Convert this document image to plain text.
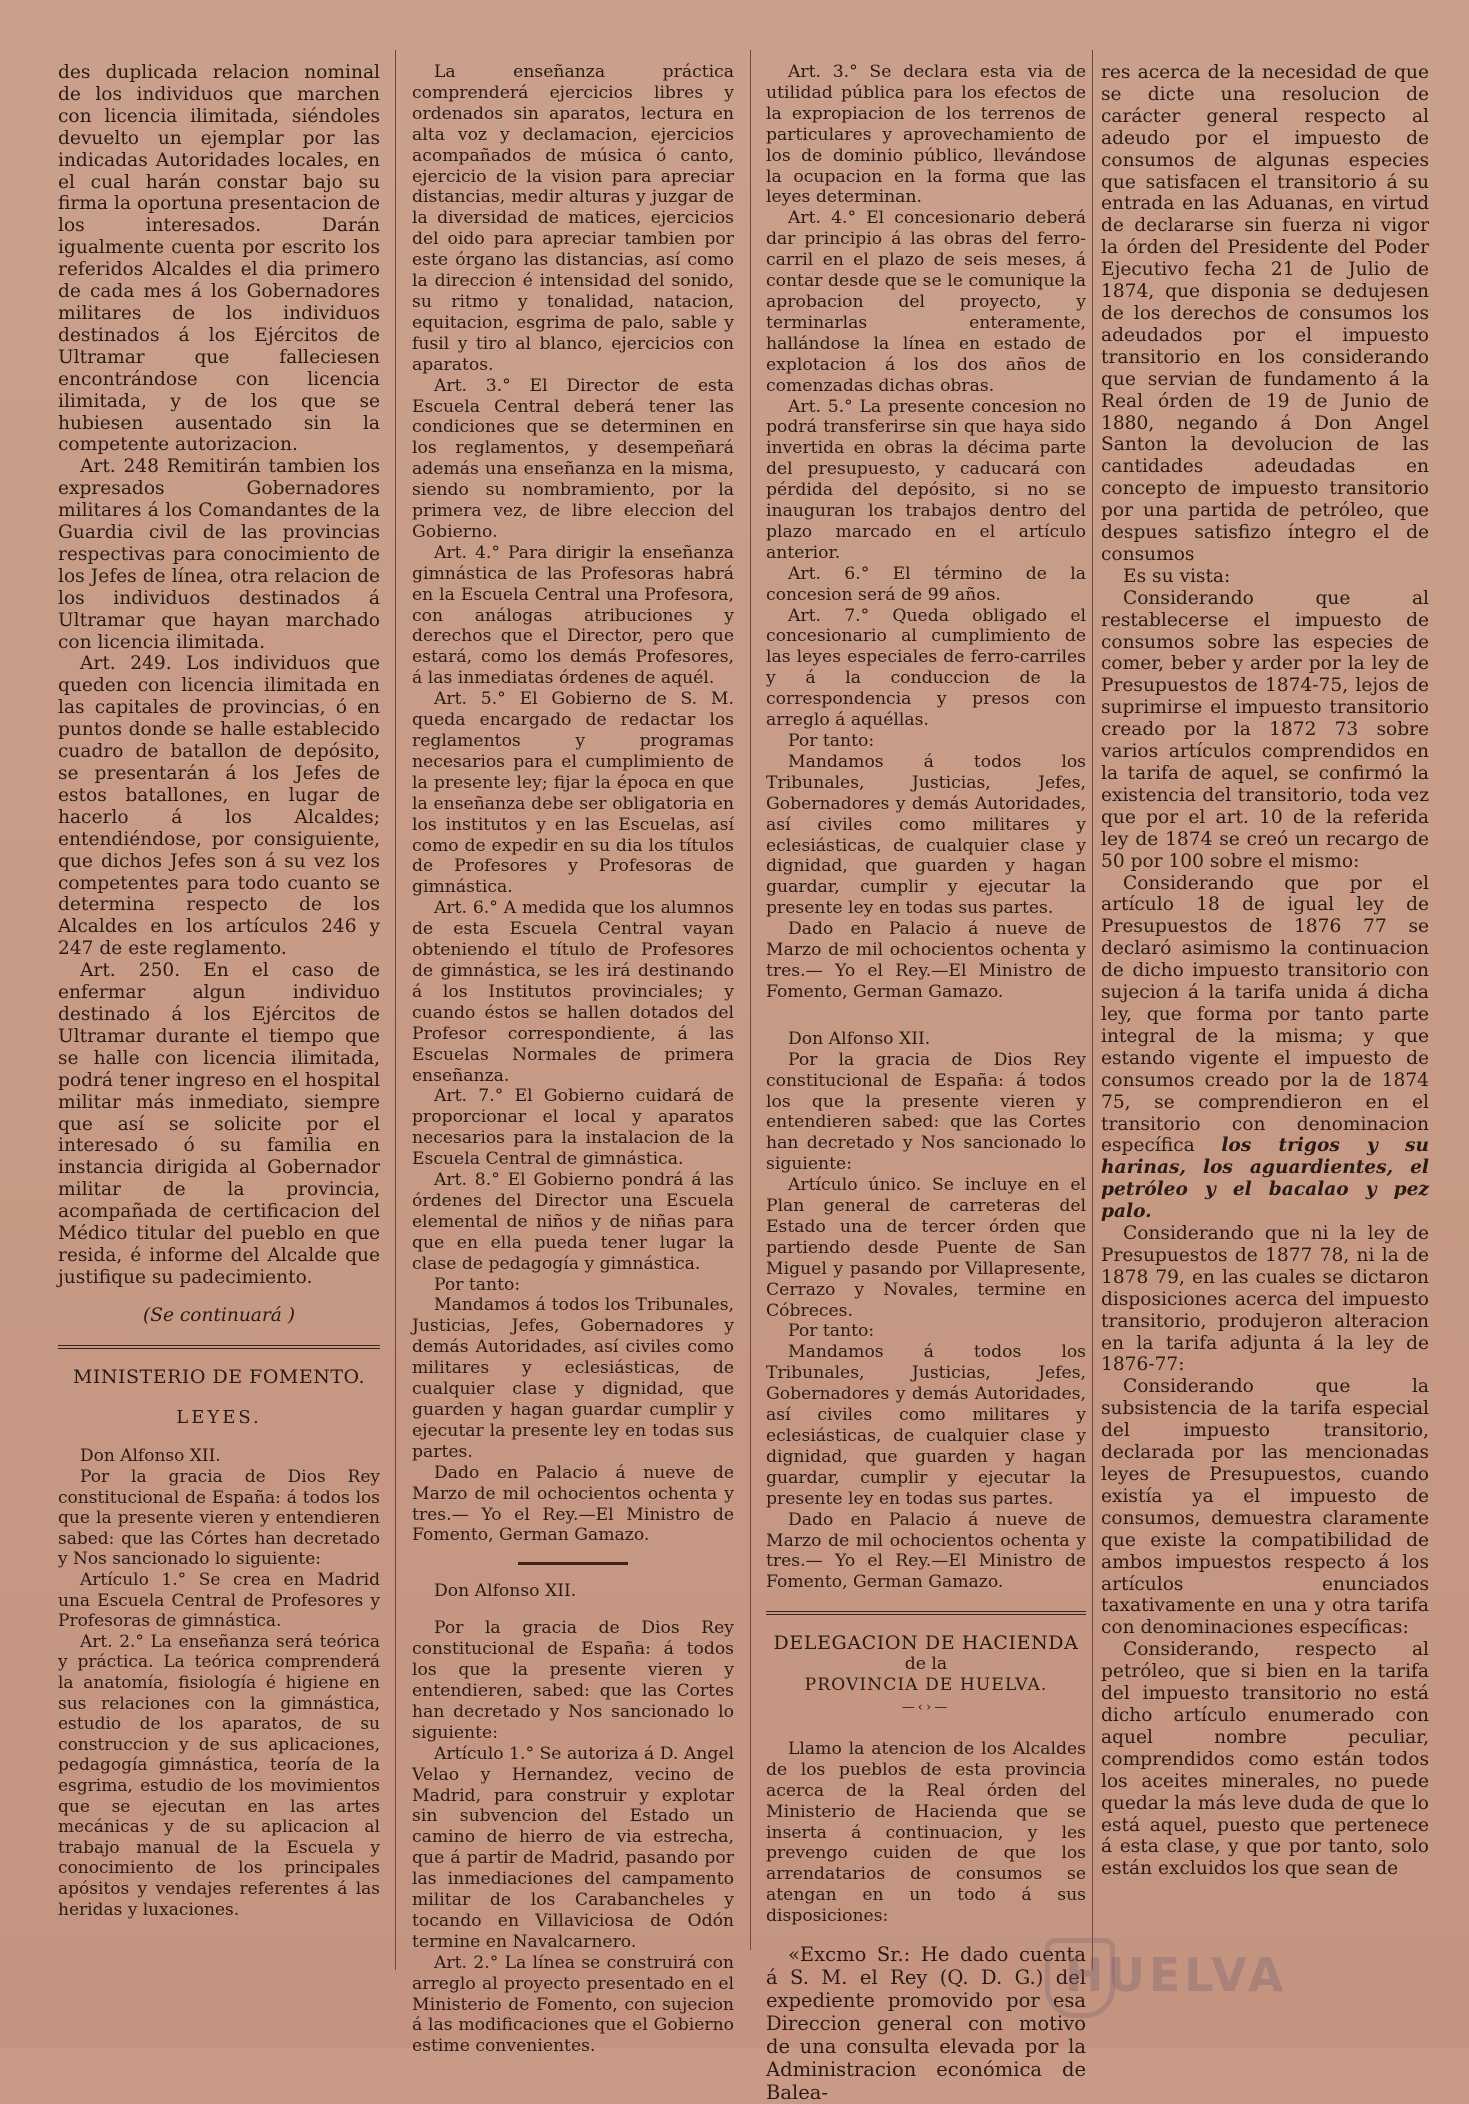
des duplicada relacion nominal de los individuos que marchen con licencia ilimitada, siéndoles devuelto un ejemplar por las indicadas Autoridades locales, en el cual harán constar bajo su firma la oportuna presentacion de los interesados. Darán igualmente cuenta por escrito los referidos Alcaldes el dia primero de cada mes á los Gobernadores militares de los individuos destinados á los Ejércitos de Ultramar que falleciesen encontrándose con licencia ilimitada, y de los que se hubiesen ausentado sin la competente autorizacion.

Art. 248 Remitirán tambien los expresados Gobernadores militares á los Comandantes de la Guardia civil de las provincias respectivas para conocimiento de los Jefes de línea, otra relacion de los individuos destinados á Ultramar que hayan marchado con licencia ilimitada.

Art. 249. Los individuos que queden con licencia ilimitada en las capitales de provincias, ó en puntos donde se halle establecido cuadro de batallon de depósito, se presentarán á los Jefes de estos batallones, en lugar de hacerlo á los Alcaldes; entendiéndose, por consiguiente, que dichos Jefes son á su vez los competentes para todo cuanto se determina respecto de los Alcaldes en los artículos 246 y 247 de este reglamento.

Art. 250. En el caso de enfermar algun individuo destinado á los Ejércitos de Ultramar durante el tiempo que se halle con licencia ilimitada, podrá tener ingreso en el hospital militar más inmediato, siempre que así se solicite por el interesado ó su familia en instancia dirigida al Gobernador militar de la provincia, acompañada de certificacion del Médico titular del pueblo en que resida, é informe del Alcalde que justifique su padecimiento.

(Se continuará )

MINISTERIO DE FOMENTO.

LEYES.

Don Alfonso XII.

Por la gracia de Dios Rey constitucional de España: á todos los que la presente vieren y entendieren sabed: que las Córtes han decretado y Nos sancionado lo siguiente:

Artículo 1.° Se crea en Madrid una Escuela Central de Profesores y Profesoras de gimnástica.

Art. 2.° La enseñanza será teórica y práctica. La teórica comprenderá la anatomía, fisiología é higiene en sus relaciones con la gimnástica, estudio de los aparatos, de su construccion y de sus aplicaciones, pedagogía gimnástica, teoría de la esgrima, estudio de los movimientos que se ejecutan en las artes mecánicas y de su aplicacion al trabajo manual de la Escuela y conocimiento de los principales apósitos y vendajes referentes á las heridas y luxaciones.

La enseñanza práctica comprenderá ejercicios libres y ordenados sin aparatos, lectura en alta voz y declamacion, ejercicios acompañados de música ó canto, ejercicio de la vision para apreciar distancias, medir alturas y juzgar de la diversidad de matices, ejercicios del oido para apreciar tambien por este órgano las distancias, así como la direccion é intensidad del sonido, su ritmo y tonalidad, natacion, equitacion, esgrima de palo, sable y fusil y tiro al blanco, ejercicios con aparatos.

Art. 3.° El Director de esta Escuela Central deberá tener las condiciones que se determinen en los reglamentos, y desempeñará además una enseñanza en la misma, siendo su nombramiento, por la primera vez, de libre eleccion del Gobierno.

Art. 4.° Para dirigir la enseñanza gimnástica de las Profesoras habrá en la Escuela Central una Profesora, con análogas atribuciones y derechos que el Director, pero que estará, como los demás Profesores, á las inmediatas órdenes de aquél.

Art. 5.° El Gobierno de S. M. queda encargado de redactar los reglamentos y programas necesarios para el cumplimiento de la presente ley; fijar la época en que la enseñanza debe ser obligatoria en los institutos y en las Escuelas, así como de expedir en su dia los títulos de Profesores y Profesoras de gimnástica.

Art. 6.° A medida que los alumnos de esta Escuela Central vayan obteniendo el título de Profesores de gimnástica, se les irá destinando á los Institutos provinciales; y cuando éstos se hallen dotados del Profesor correspondiente, á las Escuelas Normales de primera enseñanza.

Art. 7.° El Gobierno cuidará de proporcionar el local y aparatos necesarios para la instalacion de la Escuela Central de gimnástica.

Art. 8.° El Gobierno pondrá á las órdenes del Director una Escuela elemental de niños y de niñas para que en ella pueda tener lugar la clase de pedagogía y gimnástica.

Por tanto:

Mandamos á todos los Tribunales, Justicias, Jefes, Gobernadores y demás Autoridades, así civiles como militares y eclesiásticas, de cualquier clase y dignidad, que guarden y hagan guardar cumplir y ejecutar la presente ley en todas sus partes.

Dado en Palacio á nueve de Marzo de mil ochocientos ochenta y tres.— Yo el Rey.—El Ministro de Fomento, German Gamazo.

Don Alfonso XII.

Por la gracia de Dios Rey constitucional de España: á todos los que la presente vieren y entendieren, sabed: que las Cortes han decretado y Nos sancionado lo siguiente:

Artículo 1.° Se autoriza á D. Angel Velao y Hernandez, vecino de Madrid, para construir y explotar sin subvencion del Estado un camino de hierro de via estrecha, que á partir de Madrid, pasando por las inmediaciones del campamento militar de los Carabancheles y tocando en Villaviciosa de Odón termine en Navalcarnero.

Art. 2.° La línea se construirá con arreglo al proyecto presentado en el Ministerio de Fomento, con sujecion á las modificaciones que el Gobierno estime convenientes.

Art. 3.° Se declara esta via de utilidad pública para los efectos de la expropiacion de los terrenos de particulares y aprovechamiento de los de dominio público, llevándose la ocupacion en la forma que las leyes determinan.

Art. 4.° El concesionario deberá dar principio á las obras del ferro-carril en el plazo de seis meses, á contar desde que se le comunique la aprobacion del proyecto, y terminarlas enteramente, hallándose la línea en estado de explotacion á los dos años de comenzadas dichas obras.

Art. 5.° La presente concesion no podrá transferirse sin que haya sido invertida en obras la décima parte del presupuesto, y caducará con pérdida del depósito, si no se inauguran los trabajos dentro del plazo marcado en el artículo anterior.

Art. 6.° El término de la concesion será de 99 años.

Art. 7.° Queda obligado el concesionario al cumplimiento de las leyes especiales de ferro-carriles y á la conduccion de la correspondencia y presos con arreglo á aquéllas.

Por tanto:

Mandamos á todos los Tribunales, Justicias, Jefes, Gobernadores y demás Autoridades, así civiles como militares y eclesiásticas, de cualquier clase y dignidad, que guarden y hagan guardar, cumplir y ejecutar la presente ley en todas sus partes.

Dado en Palacio á nueve de Marzo de mil ochocientos ochenta y tres.— Yo el Rey.—El Ministro de Fomento, German Gamazo.

Don Alfonso XII.

Por la gracia de Dios Rey constitucional de España: á todos los que la presente vieren y entendieren sabed: que las Cortes han decretado y Nos sancionado lo siguiente:

Artículo único. Se incluye en el Plan general de carreteras del Estado una de tercer órden que partiendo desde Puente de San Miguel y pasando por Villapresente, Cerrazo y Novales, termine en Cóbreces.

Por tanto:

Mandamos á todos los Tribunales, Justicias, Jefes, Gobernadores y demás Autoridades, así civiles como militares y eclesiásticas, de cualquier clase y dignidad, que guarden y hagan guardar, cumplir y ejecutar la presente ley en todas sus partes.

Dado en Palacio á nueve de Marzo de mil ochocientos ochenta y tres.— Yo el Rey.—El Ministro de Fomento, German Gamazo.

DELEGACION DE HACIENDA

de la

PROVINCIA DE HUELVA.

—‹›—

Llamo la atencion de los Alcaldes de los pueblos de esta provincia acerca de la Real órden del Ministerio de Hacienda que se inserta á continuacion, y les prevengo cuiden de que los arrendatarios de consumos se atengan en un todo á sus disposiciones:

«Excmo Sr.: He dado cuenta á S. M. el Rey (Q. D. G.) del expediente promovido por esa Direccion general con motivo de una consulta elevada por la Administracion económica de Balea-

res acerca de la necesidad de que se dicte una resolucion de carácter general respecto al adeudo por el impuesto de consumos de algunas especies que satisfacen el transitorio á su entrada en las Aduanas, en virtud de declararse sin fuerza ni vigor la órden del Presidente del Poder Ejecutivo fecha 21 de Julio de 1874, que disponia se dedujesen de los derechos de consumos los adeudados por el impuesto transitorio en los considerando que servian de fundamento á la Real órden de 19 de Junio de 1880, negando á Don Angel Santon la devolucion de las cantidades adeudadas en concepto de impuesto transitorio por una partida de petróleo, que despues satisfizo íntegro el de consumos

Es su vista:

Considerando que al restablecerse el impuesto de consumos sobre las especies de comer, beber y arder por la ley de Presupuestos de 1874-75, lejos de suprimirse el impuesto transitorio creado por la 1872 73 sobre varios artículos comprendidos en la tarifa de aquel, se confirmó la existencia del transitorio, toda vez que por el art. 10 de la referida ley de 1874 se creó un recargo de 50 por 100 sobre el mismo:

Considerando que por el artículo 18 de igual ley de Presupuestos de 1876 77 se declaró asimismo la continuacion de dicho impuesto transitorio con sujecion á la tarifa unida á dicha ley, que forma por tanto parte integral de la misma; y que estando vigente el impuesto de consumos creado por la de 1874 75, se comprendieron en el transitorio con denominacion específica los trigos y su harinas, los aguardientes, el petróleo y el bacalao y pez palo.

Considerando que ni la ley de Presupuestos de 1877 78, ni la de 1878 79, en las cuales se dictaron disposiciones acerca del impuesto transitorio, produjeron alteracion en la tarifa adjunta á la ley de 1876-77:

Considerando que la subsistencia de la tarifa especial del impuesto transitorio, declarada por las mencionadas leyes de Presupuestos, cuando existía ya el impuesto de consumos, demuestra claramente que existe la compatibilidad de ambos impuestos respecto á los artículos enunciados taxativamente en una y otra tarifa con denominaciones específicas:

Considerando, respecto al petróleo, que si bien en la tarifa del impuesto transitorio no está dicho artículo enumerado con aquel nombre peculiar, comprendidos como están todos los aceites minerales, no puede quedar la más leve duda de que lo está aquel, puesto que pertenece á esta clase, y que por tanto, solo están excluidos los que sean de

HUELVA
